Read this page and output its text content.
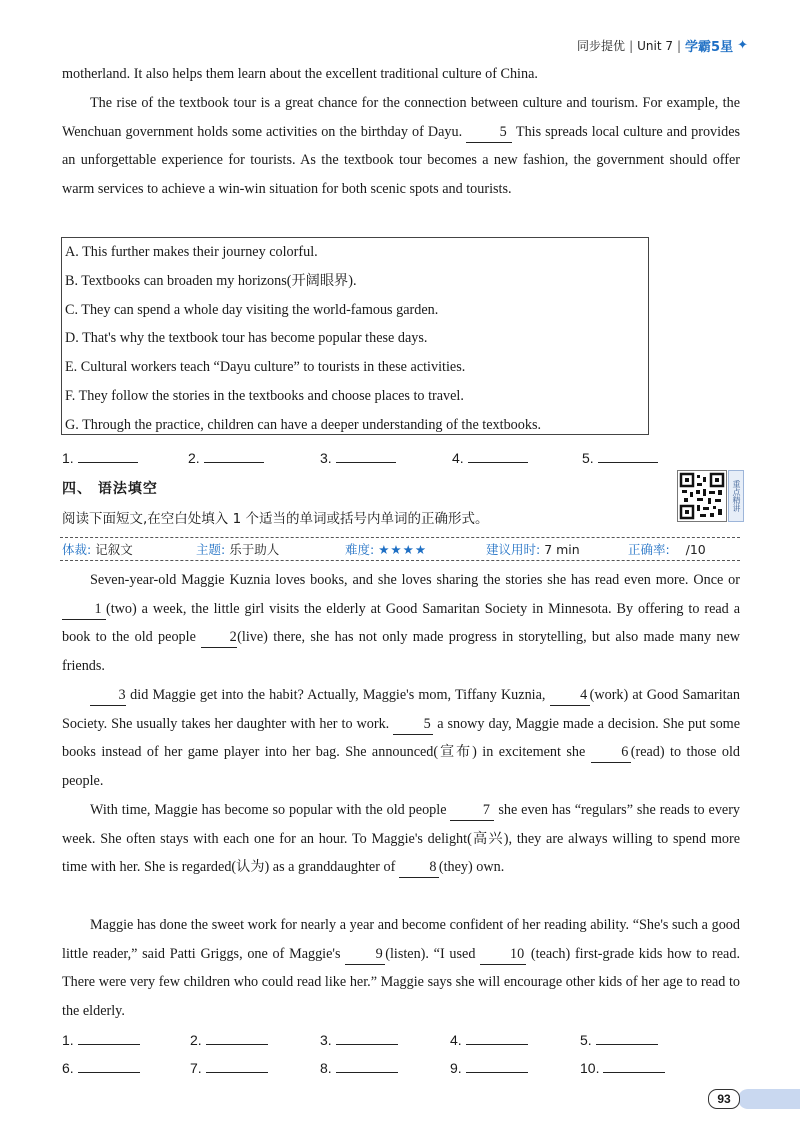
同步提优 | Unit 7 | 学霸5星 ✦

motherland. It also helps them learn about the excellent traditional culture of China.

The rise of the textbook tour is a great chance for the connection between culture and tourism. For example, the Wenchuan government holds some activities on the birthday of Dayu.	5 This spreads local culture and provides an unforgettable experience for tourists. As the textbook tour becomes a new fashion, the government should offer warm services to achieve a win-win situation for both scenic spots and tourists.

A. This further makes their journey colorful.
B. Textbooks can broaden my horizons(开阔眼界).
C. They can spend a whole day visiting the world-famous garden.
D. That's why the textbook tour has become popular these days.
E. Cultural workers teach “Dayu culture” to tourists in these activities.
F. They follow the stories in the textbooks and choose places to travel.
G. Through the practice, children can have a deeper understanding of the textbooks.
1.	2.	3.	4.	5.
四、 语法填空
阅读下面短文,在空白处填入 1 个适当的单词或括号内单词的正确形式。
重点精讲
体裁: 记叙文	主题: 乐于助人	难度: ★★★★	建议用时: 7 min	正确率: /10

Seven-year-old Maggie Kuznia loves books, and she loves sharing the stories she has read even more. Once or 1 (two) a week, the little girl visits the elderly at Good Samaritan Society in Minnesota. By offering to read a book to the old people 2(live) there, she has not only made progress in storytelling, but also made many new friends.

3 did Maggie get into the habit? Actually, Maggie's mom, Tiffany Kuznia, 4 (work) at Good Samaritan Society. She usually takes her daughter with her to work. 5 a snowy day, Maggie made a decision. She put some books instead of her game player into her bag. She announced(宣布) in excitement she	6 (read) to those old people.

With time, Maggie has become so popular with the old people	7 she even has “regulars” she reads to every week. She often stays with each one for an hour. To Maggie's delight(高兴), they are always willing to spend more time with her. She is regarded(认为) as a granddaughter of 8 (they) own.

Maggie has done the sweet work for nearly a year and become confident of her reading ability. “She's such a good little reader,” said Patti Griggs, one of Maggie's 9 (listen). “I used 10 (teach) first-grade kids how to read. There were very few children who could read like her.” Maggie says she will encourage other kids of her age to read to the elderly.

1.	2.	3.	4.	5.
6.	7.	8.	9.	10.
93
